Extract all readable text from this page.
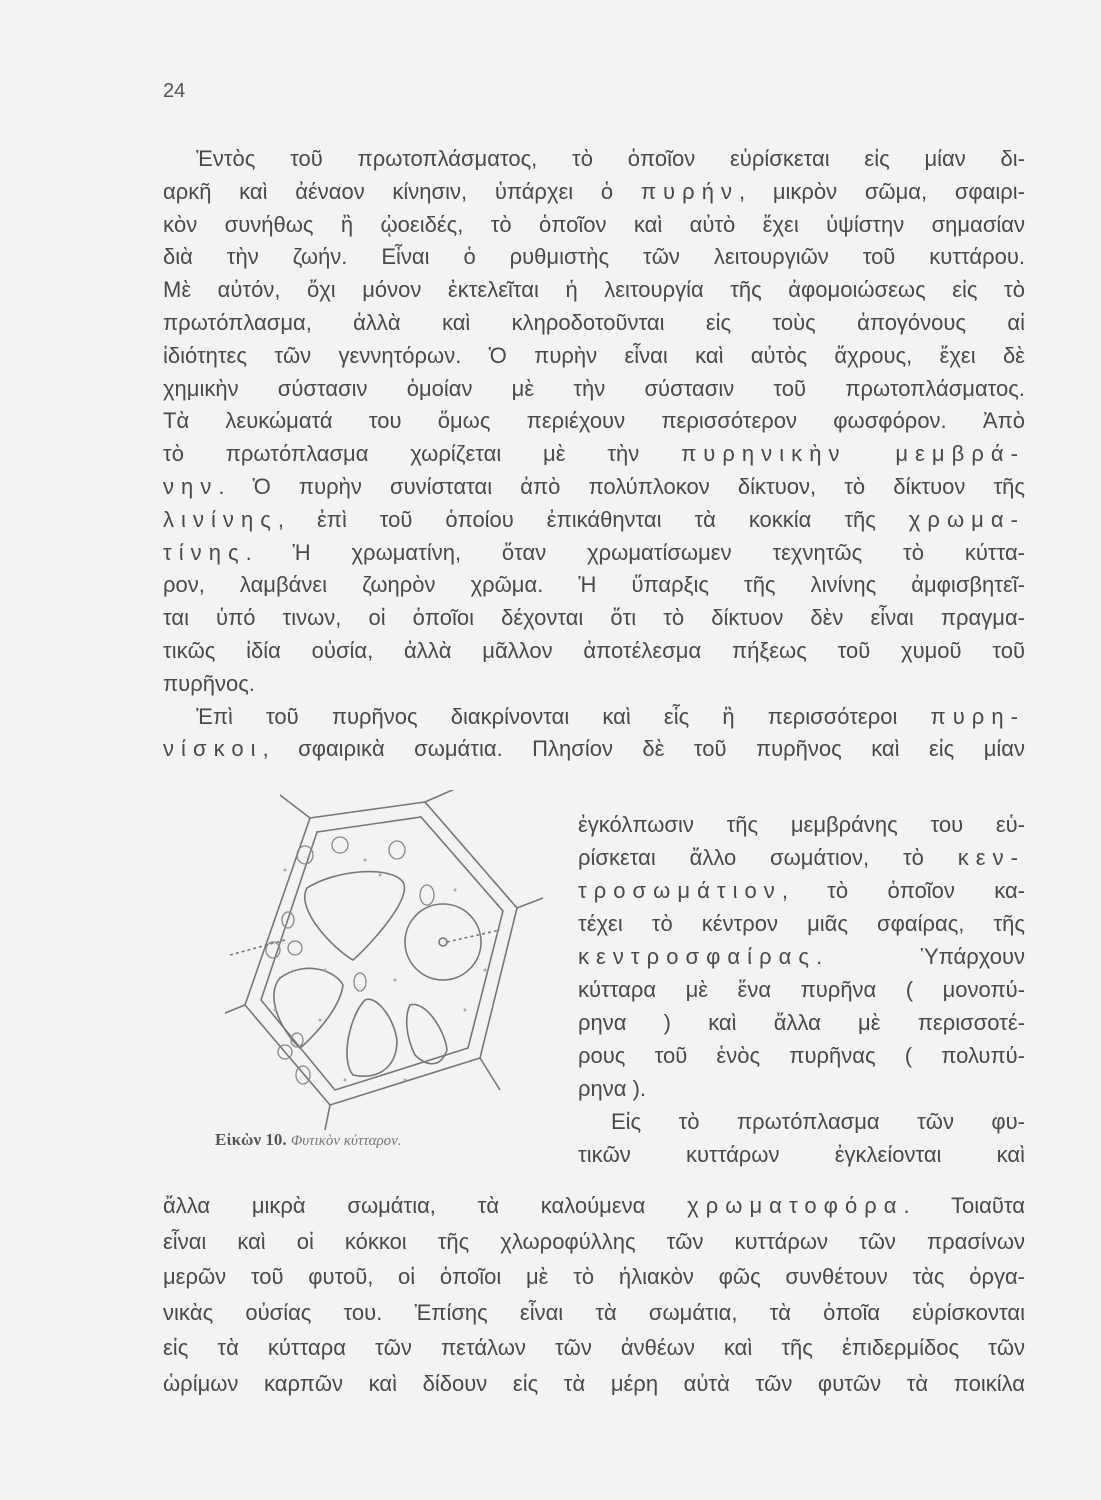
24
  Ἐντὸς τοῦ πρωτοπλάσματος, τὸ ὁποῖον εὑρίσκεται εἰς μίαν δι-
αρκῆ καὶ ἀέναον κίνησιν, ὑπάρχει ὁ πυρήν, μικρὸν σῶμα, σφαιρι-
κὸν συνήθως ἢ ᾠοειδές, τὸ ὁποῖον καὶ αὐτὸ ἔχει ὑψίστην σημασίαν
διὰ τὴν ζωήν. Εἶναι ὁ ρυθμιστὴς τῶν λειτουργιῶν τοῦ κυττάρου.
Μὲ αὐτόν, ὄχι μόνον ἐκτελεῖται ἡ λειτουργία τῆς ἀφομοιώσεως εἰς τὸ
πρωτόπλασμα, ἀλλὰ καὶ κληροδοτοῦνται εἰς τοὺς ἀπογόνους αἱ
ἰδιότητες τῶν γεννητόρων. Ὁ πυρὴν εἶναι καὶ αὐτὸς ἄχρους, ἔχει δὲ
χημικὴν σύστασιν ὁμοίαν μὲ τὴν σύστασιν τοῦ πρωτοπλάσματος.
Τὰ λευκώματά του ὅμως περιέχουν περισσότερον φωσφόρον. Ἀπὸ
τὸ πρωτόπλασμα χωρίζεται μὲ τὴν πυρηνικὴν μεμβρά-
νην. Ὁ πυρὴν συνίσταται ἀπὸ πολύπλοκον δίκτυον, τὸ δίκτυον τῆς
λινίνης, ἐπὶ τοῦ ὁποίου ἐπικάθηνται τὰ κοκκία τῆς χρωμα-
τίνης. Ἡ χρωματίνη, ὅταν χρωματίσωμεν τεχνητῶς τὸ κύττα-
ρον, λαμβάνει ζωηρὸν χρῶμα. Ἡ ὕπαρξις τῆς λινίνης ἀμφισβητεῖ-
ται ὑπό τινων, οἱ ὁποῖοι δέχονται ὅτι τὸ δίκτυον δὲν εἶναι πραγμα-
τικῶς ἰδία οὐσία, ἀλλὰ μᾶλλον ἀποτέλεσμα πήξεως τοῦ χυμοῦ τοῦ
πυρῆνος.
  Ἐπὶ τοῦ πυρῆνος διακρίνονται καὶ εἷς ἢ περισσότεροι πυρη-
νίσκοι, σφαιρικὰ σωμάτια. Πλησίον δὲ τοῦ πυρῆνος καὶ εἰς μίαν
ἐγκόλπωσιν τῆς μεμβράνης του εὑ-
ρίσκεται ἄλλο σωμάτιον, τὸ κεν-
τροσωμάτιον, τὸ ὁποῖον κα-
τέχει τὸ κέντρον μιᾶς σφαίρας, τῆς
κεντροσφαίρας. Ὑπάρχουν
κύτταρα μὲ ἕνα πυρῆνα ( μονοπύ-
ρηνα ) καὶ ἄλλα μὲ περισσοτέ-
ρους τοῦ ἑνὸς πυρῆνας ( πολυπύ-
ρηνα ).
  Εἰς τὸ πρωτόπλασμα τῶν φυ-
τικῶν κυττάρων ἐγκλείονται καὶ
ἄλλα μικρὰ σωμάτια, τὰ καλούμενα χρωματοφόρα. Τοιαῦτα
εἶναι καὶ οἱ κόκκοι τῆς χλωροφύλλης τῶν κυττάρων τῶν πρασίνων
μερῶν τοῦ φυτοῦ, οἱ ὁποῖοι μὲ τὸ ἡλιακὸν φῶς συνθέτουν τὰς ὀργα-
νικὰς οὐσίας του. Ἐπίσης εἶναι τὰ σωμάτια, τὰ ὁποῖα εὑρίσκονται
εἰς τὰ κύτταρα τῶν πετάλων τῶν ἀνθέων καὶ τῆς ἐπιδερμίδος τῶν
ὡρίμων καρπῶν καὶ δίδουν εἰς τὰ μέρη αὐτὰ τῶν φυτῶν τὰ ποικίλα
Εἰκὼν 10. Φυτικὸν κύτταρον.
